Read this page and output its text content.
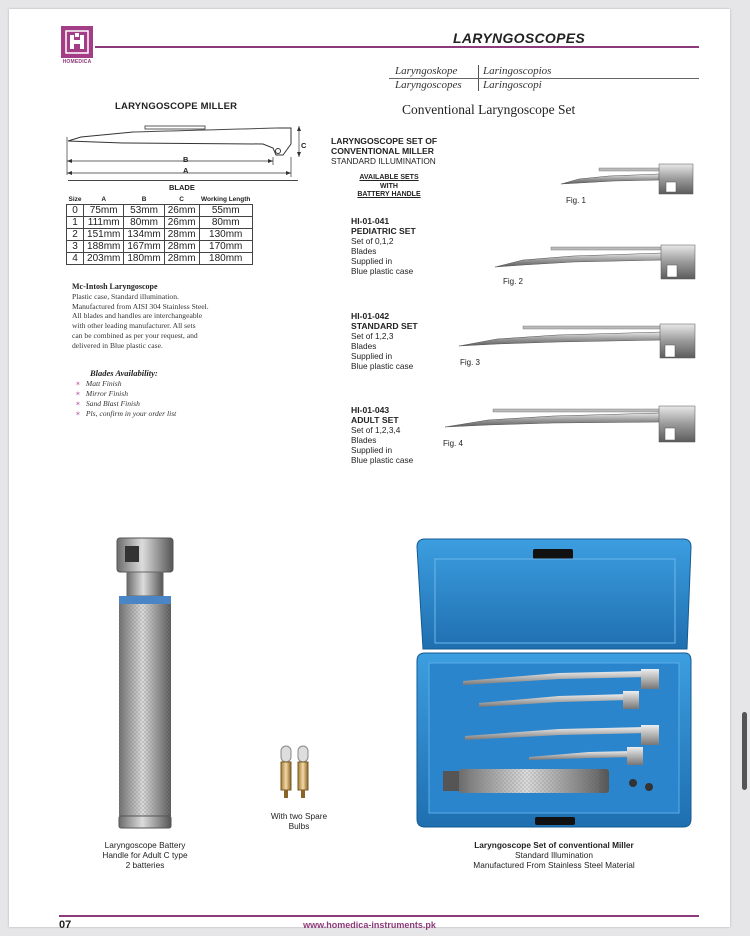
HOMEDICA
LARYNGOSCOPES
Laryngoskope Laringoscopios
Laryngoscopes Laringoscopi
LARYNGOSCOPE MILLER
B
A
C
BLADE
Size	A	B	C	Working Length
0	75mm	53mm	26mm	55mm
1	111mm	80mm	26mm	80mm
2	151mm	134mm	28mm	130mm
3	188mm	167mm	28mm	170mm
4	203mm	180mm	28mm	180mm
Mc-Intosh Laryngoscope
Plastic case, Standard illumination.
Manufactured from AISI 304 Stainless Steel.
All blades and handles are interchangeable
with other leading manufacturer. All sets
can be combined as per your request, and
delivered in Blue plastic case.
Blades Availability:
✶ Matt Finish
✶ Mirror Finish
✶ Sand Blast Finish
✶ Pls, confirm in your order list
Conventional Laryngoscope Set
LARYNGOSCOPE SET OF
CONVENTIONAL MILLER
STANDARD ILLUMINATION
AVAILABLE SETS
WITH
BATTERY HANDLE
HI-01-041
PEDIATRIC SET
Set of 0,1,2
Blades
Supplied in
Blue plastic case
HI-01-042
STANDARD SET
Set of 1,2,3
Blades
Supplied in
Blue plastic case
HI-01-043
ADULT SET
Set of 1,2,3,4
Blades
Supplied in
Blue plastic case
Fig. 1
Fig. 2
Fig. 3
Fig. 4
Laryngoscope Battery
Handle for Adult C type
2 batteries
With two Spare
Bulbs
Laryngoscope Set of conventional Miller
Standard Illumination
Manufactured From Stainless Steel Material
07	www.homedica-instruments.pk
